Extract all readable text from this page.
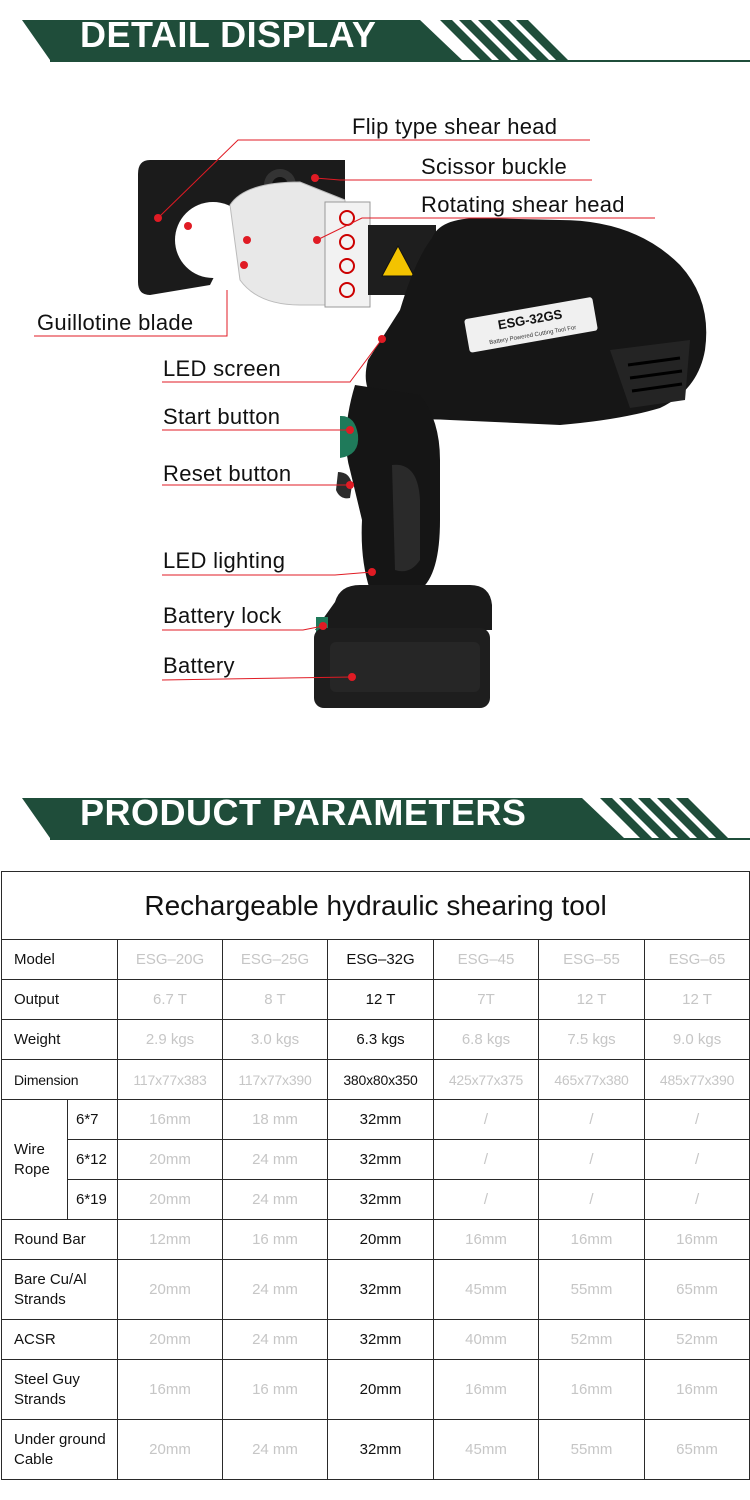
DETAIL DISPLAY
ESG-32GS
Battery Powered Cutting Tool For
Flip type shear head
Scissor buckle
Rotating shear head
Guillotine blade
LED screen
Start button
Reset button
LED lighting
Battery lock
Battery
PRODUCT PARAMETERS
Rechargeable hydraulic shearing tool							
Model		ESG–20G	ESG–25G	ESG–32G	ESG–45	ESG–55	ESG–65
Output		6.7 T	8 T	12 T	7T	12 T	12 T
Weight		2.9 kgs	3.0 kgs	6.3 kgs	6.8 kgs	7.5 kgs	9.0 kgs
Dimension		117x77x383	117x77x390	380x80x350	425x77x375	465x77x380	485x77x390
Wire Rope	6*7	16mm	18 mm	32mm	/	/	/
	6*12	20mm	24 mm	32mm	/	/	/
	6*19	20mm	24 mm	32mm	/	/	/
Round Bar		12mm	16 mm	20mm	16mm	16mm	16mm
Bare Cu/Al Strands		20mm	24 mm	32mm	45mm	55mm	65mm
ACSR		20mm	24 mm	32mm	40mm	52mm	52mm
Steel Guy Strands		16mm	16 mm	20mm	16mm	16mm	16mm
Under ground Cable		20mm	24 mm	32mm	45mm	55mm	65mm
